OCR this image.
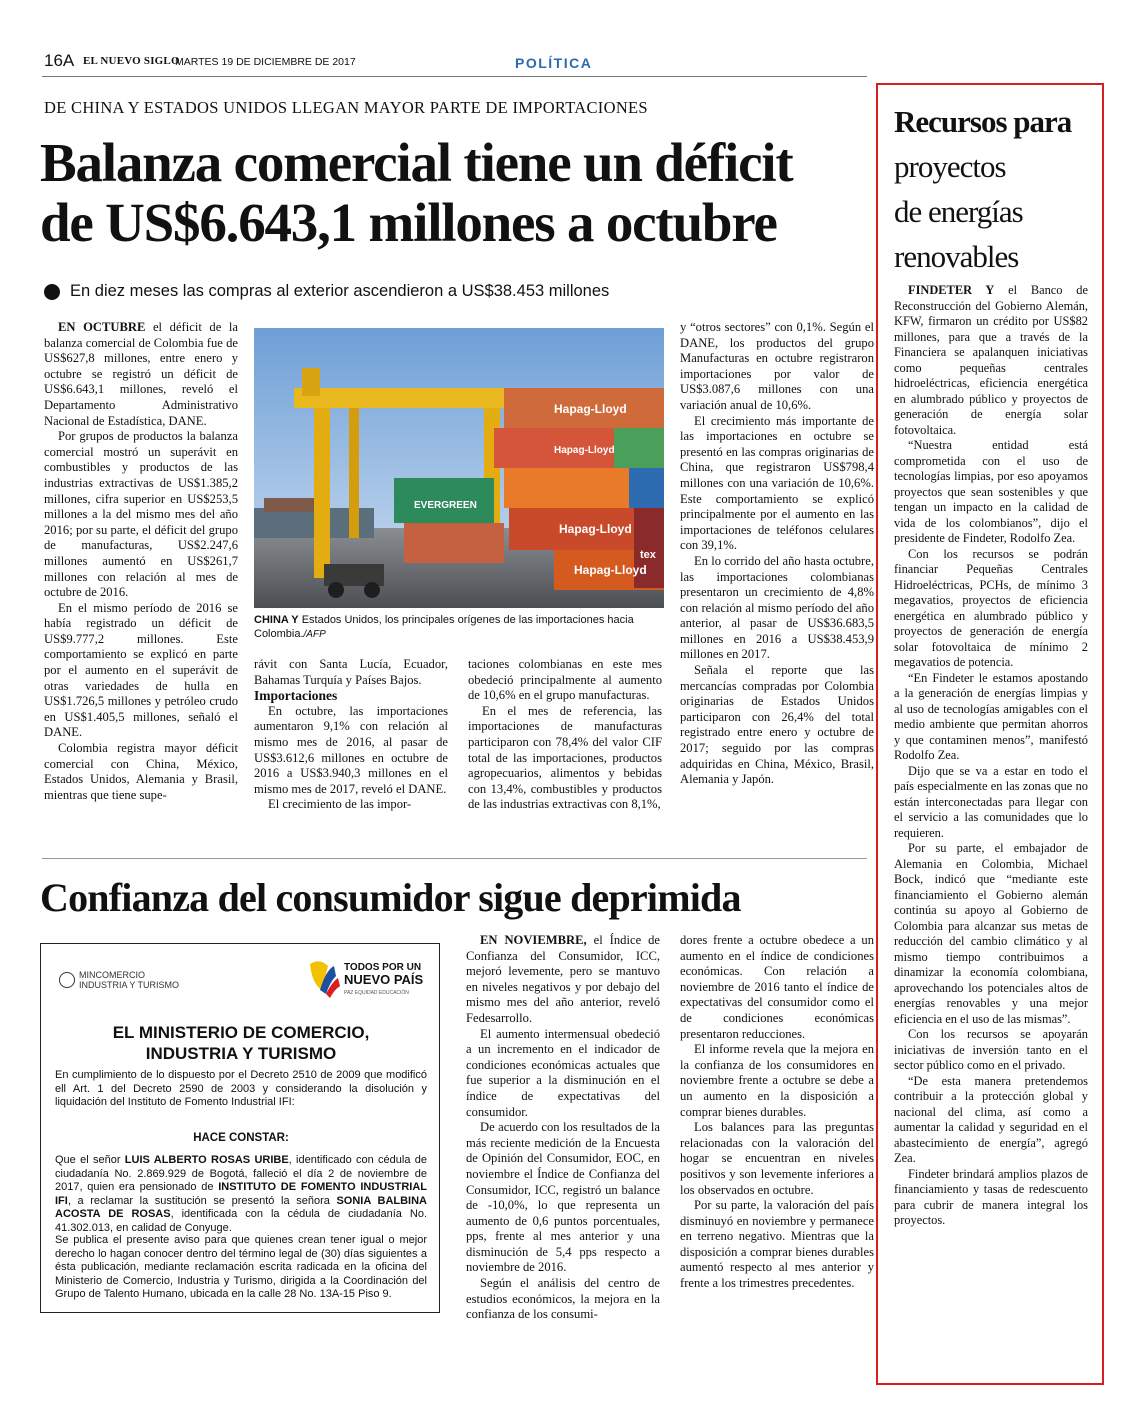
16A EL NUEVO SIGLO
MARTES 19 DE DICIEMBRE DE 2017	POLÍTICA
DE CHINA Y ESTADOS UNIDOS LLEGAN MAYOR PARTE DE IMPORTACIONES
Balanza comercial tiene un déficit
de US$6.643,1 millones a octubre
En diez meses las compras al exterior ascendieron a US$38.453 millones

EN OCTUBRE el déficit de la balanza comercial de Colombia fue de US$627,8 millones, entre enero y octubre se registró un déficit de US$6.643,1 millones, reveló el Departamento Administrativo Nacional de Estadística, DANE.

Por grupos de productos la balanza comercial mostró un superávit en combustibles y productos de las industrias extractivas de US$1.385,2 millones, cifra superior en US$253,5 millones a la del mismo mes del año 2016; por su parte, el déficit del grupo de manufacturas, US$2.247,6 millones aumentó en US$261,7 millones con relación al mes de octubre de 2016.

En el mismo período de 2016 se había registrado un déficit de US$9.777,2 millones. Este comportamiento se explicó en parte por el aumento en el superávit de otras variedades de hulla en US$1.726,5 millones y petróleo crudo en US$1.405,5 millones, señaló el DANE.

Colombia registra mayor déficit comercial con China, México, Estados Unidos, Alemania y Brasil, mientras que tiene supe-

Hapag-Lloyd
Hapag-Lloyd
Hapag-Lloyd
EVERGREEN
Hapag-Lloyd
tex
CHINA Y Estados Unidos, los principales orígenes de las importaciones hacia Colombia./AFP

rávit con Santa Lucía, Ecuador, Bahamas Turquía y Países Bajos.

Importaciones

En octubre, las importaciones aumentaron 9,1% con relación al mismo mes de 2016, al pasar de US$3.612,6 millones en octubre de 2016 a US$3.940,3 millones en el mismo mes de 2017, reveló el DANE.

El crecimiento de las impor-

taciones colombianas en este mes obedeció principalmente al aumento de 10,6% en el grupo manufacturas.

En el mes de referencia, las importaciones de manufacturas participaron con 78,4% del valor CIF total de las importaciones, productos agropecuarios, alimentos y bebidas con 13,4%, combustibles y productos de las industrias extractivas con 8,1%,

y “otros sectores” con 0,1%. Según el DANE, los productos del grupo Manufacturas en octubre registraron importaciones por valor de US$3.087,6 millones con una variación anual de 10,6%.

El crecimiento más importante de las importaciones en octubre se presentó en las compras originarias de China, que registraron US$798,4 millones con una variación de 10,6%. Este comportamiento se explicó principalmente por el aumento en las importaciones de teléfonos celulares con 39,1%.

En lo corrido del año hasta octubre, las importaciones colombianas presentaron un crecimiento de 4,8% con relación al mismo período del año anterior, al pasar de US$36.683,5 millones en 2016 a US$38.453,9 millones en 2017.

Señala el reporte que las mercancías compradas por Colombia originarias de Estados Unidos participaron con 26,4% del total registrado entre enero y octubre de 2017; seguido por las compras adquiridas en China, México, Brasil, Alemania y Japón.

Confianza del consumidor sigue deprimida

EN NOVIEMBRE, el Índice de Confianza del Consumidor, ICC, mejoró levemente, pero se mantuvo en niveles negativos y por debajo del mismo mes del año anterior, reveló Fedesarrollo.

El aumento intermensual obedeció a un incremento en el indicador de condiciones económicas actuales que fue superior a la disminución en el índice de expectativas del consumidor.

De acuerdo con los resultados de la más reciente medición de la Encuesta de Opinión del Consumidor, EOC, en noviembre el Índice de Confianza del Consumidor, ICC, registró un balance de -10,0%, lo que representa un aumento de 0,6 puntos porcentuales, pps, frente al mes anterior y una disminución de 5,4 pps respecto a noviembre de 2016.

Según el análisis del centro de estudios económicos, la mejora en la confianza de los consumi-

dores frente a octubre obedece a un aumento en el índice de condiciones económicas. Con relación a noviembre de 2016 tanto el índice de expectativas del consumidor como el de condiciones económicas presentaron reducciones.

El informe revela que la mejora en la confianza de los consumidores en noviembre frente a octubre se debe a un aumento en la disposición a comprar bienes durables.

Los balances para las preguntas relacionadas con la valoración del hogar se encuentran en niveles positivos y son levemente inferiores a los observados en octubre.

Por su parte, la valoración del país disminuyó en noviembre y permanece en terreno negativo. Mientras que la disposición a comprar bienes durables aumentó respecto al mes anterior y frente a los trimestres precedentes.

MINCOMERCIO
INDUSTRIA Y TURISMO
TODOS POR UN
NUEVO PAÍS
PAZ EQUIDAD EDUCACIÓN
EL MINISTERIO DE COMERCIO,
INDUSTRIA Y TURISMO
En cumplimiento de lo dispuesto por el Decreto 2510 de 2009 que modificó ell Art. 1 del Decreto 2590 de 2003 y considerando la disolución y liquidación del Instituto de Fomento Industrial IFI:
HACE CONSTAR:
Que el señor LUIS ALBERTO ROSAS URIBE, identificado con cédula de ciudadanía No. 2.869.929 de Bogotá, falleció el día 2 de noviembre de 2017, quien era pensionado de INSTITUTO DE FOMENTO INDUSTRIAL IFI, a reclamar la sustitución se presentó la señora SONIA BALBINA ACOSTA DE ROSAS, identificada con la cédula de ciudadanía No. 41.302.013, en calidad de Conyuge.
Se publica el presente aviso para que quienes crean tener igual o mejor derecho lo hagan conocer dentro del término legal de (30) días siguientes a ésta publicación, mediante reclamación escrita radicada en la oficina del Ministerio de Comercio, Industria y Turismo, dirigida a la Coordinación del Grupo de Talento Humano, ubicada en la calle 28 No. 13A-15 Piso 9.
Recursos para
proyectos
de energías
renovables

FINDETER Y el Banco de Reconstrucción del Gobierno Alemán, KFW, firmaron un crédito por US$82 millones, para que a través de la Financiera se apalanquen iniciativas como pequeñas centrales hidroeléctricas, eficiencia energética en alumbrado público y proyectos de generación de energía solar fotovoltaica.

“Nuestra entidad está comprometida con el uso de tecnologías limpias, por eso apoyamos proyectos que sean sostenibles y que tengan un impacto en la calidad de vida de los colombianos”, dijo el presidente de Findeter, Rodolfo Zea.

Con los recursos se podrán financiar Pequeñas Centrales Hidroeléctricas, PCHs, de mínimo 3 megavatios, proyectos de eficiencia energética en alumbrado público y proyectos de generación de energía solar fotovoltaica de mínimo 2 megavatios de potencia.

“En Findeter le estamos apostando a la generación de energías limpias y al uso de tecnologías amigables con el medio ambiente que permitan ahorros y que contaminen menos”, manifestó Rodolfo Zea.

Dijo que se va a estar en todo el país especialmente en las zonas que no están interconectadas para llegar con el servicio a las comunidades que lo requieren.

Por su parte, el embajador de Alemania en Colombia, Michael Bock, indicó que “mediante este financiamiento el Gobierno alemán continúa su apoyo al Gobierno de Colombia para alcanzar sus metas de reducción del cambio climático y al mismo tiempo contribuimos a dinamizar la economía colombiana, aprovechando los potenciales altos de energías renovables y una mejor eficiencia en el uso de las mismas”.

Con los recursos se apoyarán iniciativas de inversión tanto en el sector público como en el privado.

“De esta manera pretendemos contribuir a la protección global y nacional del clima, así como a aumentar la calidad y seguridad en el abastecimiento de energía”, agregó Zea.

Findeter brindará amplios plazos de financiamiento y tasas de redescuento para cubrir de manera integral los proyectos.
